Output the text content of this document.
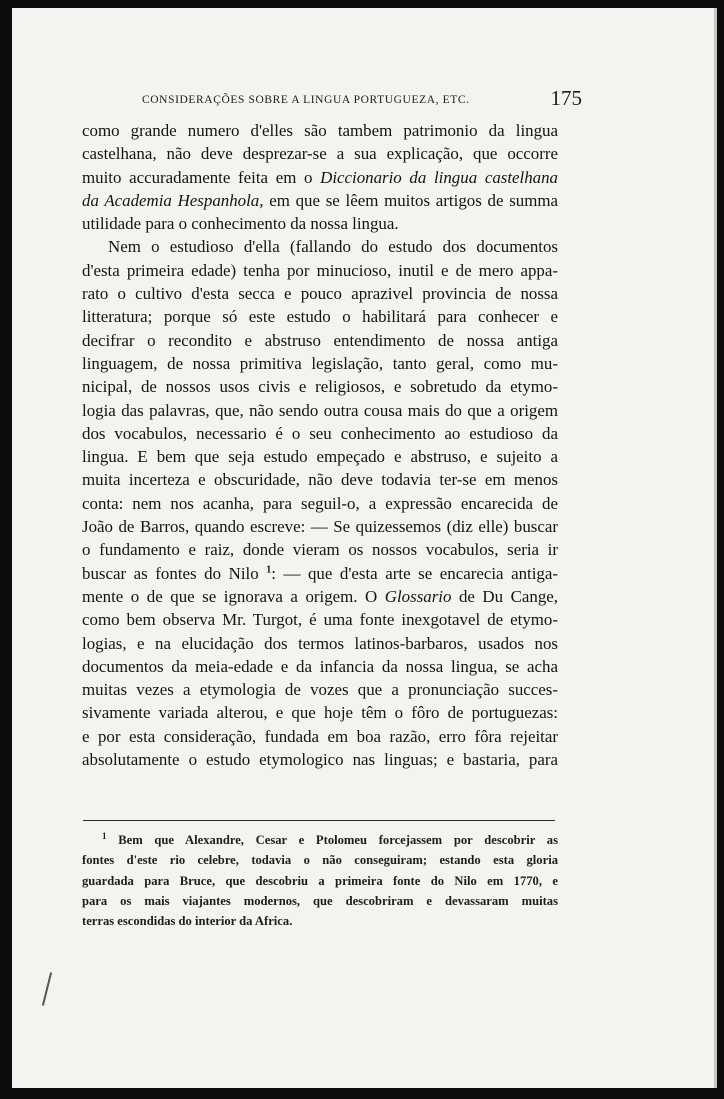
CONSIDERAÇÕES SOBRE A LINGUA PORTUGUEZA, ETC.	175
como grande numero d'elles são tambem patrimonio da lingua
castelhana, não deve desprezar-se a sua explicação, que occorre
muito accuradamente feita em o Diccionario da lingua castelhana
da Academia Hespanhola, em que se lêem muitos artigos de summa
utilidade para o conhecimento da nossa lingua.
Nem o estudioso d'ella (fallando do estudo dos documentos
d'esta primeira edade) tenha por minucioso, inutil e de mero appa-
rato o cultivo d'esta secca e pouco aprazivel provincia de nossa
litteratura; porque só este estudo o habilitará para conhecer e
decifrar o recondito e abstruso entendimento de nossa antiga
linguagem, de nossa primitiva legislação, tanto geral, como mu-
nicipal, de nossos usos civis e religiosos, e sobretudo da etymo-
logia das palavras, que, não sendo outra cousa mais do que a origem
dos vocabulos, necessario é o seu conhecimento ao estudioso da
lingua. E bem que seja estudo empeçado e abstruso, e sujeito a
muita incerteza e obscuridade, não deve todavia ter-se em menos
conta: nem nos acanha, para seguil-o, a expressão encarecida de
João de Barros, quando escreve: — Se quizessemos (diz elle) buscar
o fundamento e raiz, donde vieram os nossos vocabulos, seria ir
buscar as fontes do Nilo $^1$: — que d'esta arte se encarecia antiga-
mente o de que se ignorava a origem. O Glossario de Du Cange,
como bem observa Mr. Turgot, é uma fonte inexgotavel de etymo-
logias, e na elucidação dos termos latinos-barbaros, usados nos
documentos da meia-edade e da infancia da nossa lingua, se acha
muitas vezes a etymologia de vozes que a pronunciação succes-
sivamente variada alterou, e que hoje têm o fôro de portuguezas:
e por esta consideração, fundada em boa razão, erro fôra rejeitar
absolutamente o estudo etymologico nas linguas; e bastaria, para
$^1$ Bem que Alexandre, Cesar e Ptolomeu forcejassem por descobrir as
fontes d'este rio celebre, todavia o não conseguiram; estando esta gloria
guardada para Bruce, que descobriu a primeira fonte do Nilo em 1770, e
para os mais viajantes modernos, que descobriram e devassaram muitas
terras escondidas do interior da Africa.
